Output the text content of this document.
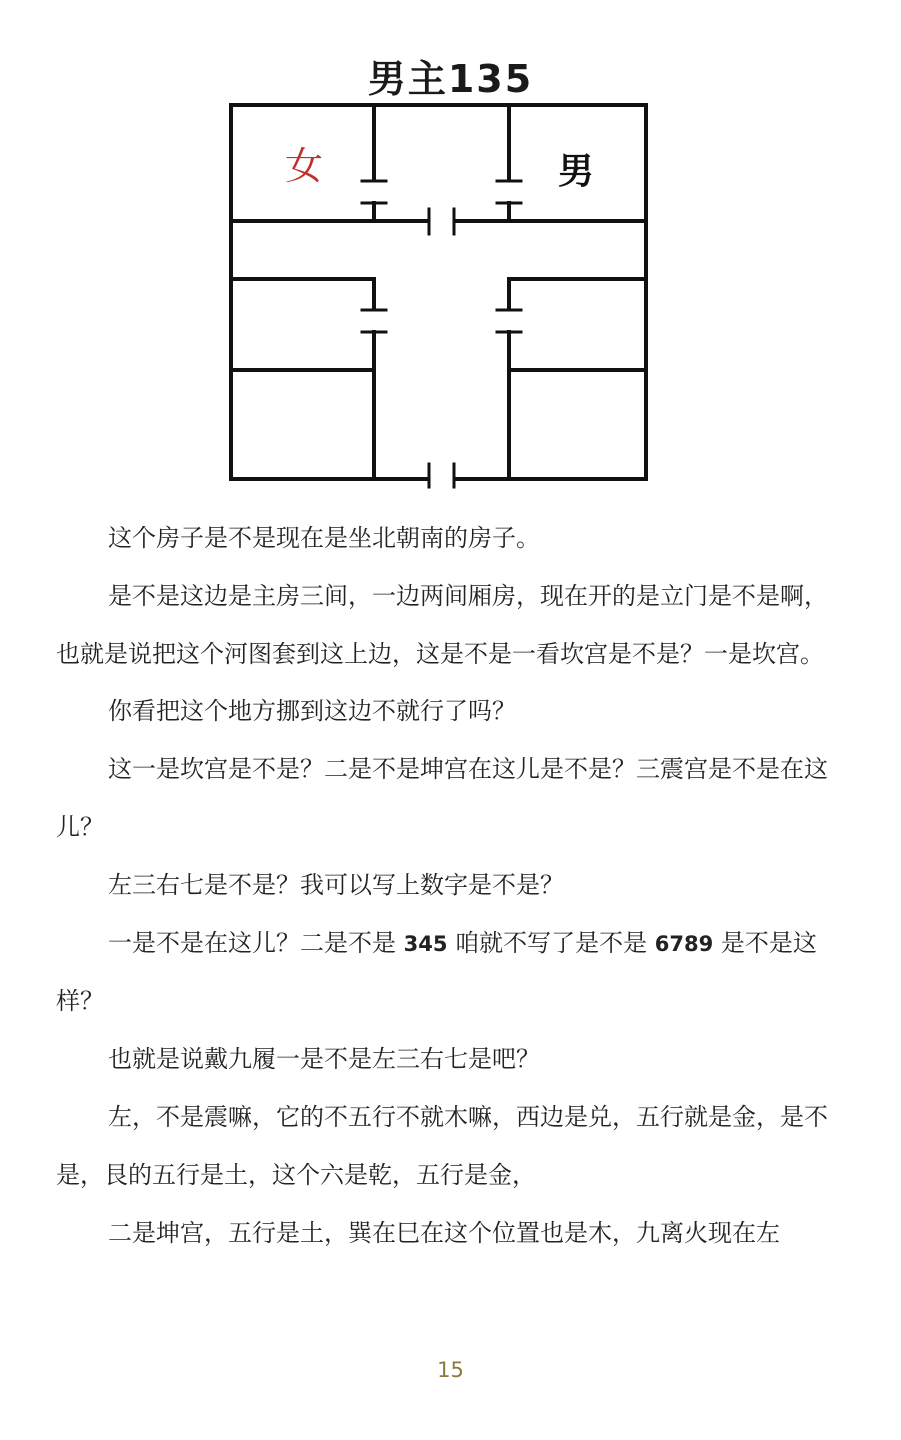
男主135
女	男

这个房子是不是现在是坐北朝南的房子。

是不是这边是主房三间，一边两间厢房，现在开的是立门是不是啊，也就是说把这个河图套到这上边，这是不是一看坎宫是不是？一是坎宫。

你看把这个地方挪到这边不就行了吗？

这一是坎宫是不是？二是不是坤宫在这儿是不是？三震宫是不是在这儿？

左三右七是不是？我可以写上数字是不是？

一是不是在这儿？二是不是 345 咱就不写了是不是 6789 是不是这样？

也就是说戴九履一是不是左三右七是吧？

左，不是震嘛，它的不五行不就木嘛，西边是兑，五行就是金，是不是，艮的五行是土，这个六是乾，五行是金，

二是坤宫，五行是土，巽在巳在这个位置也是木，九离火现在左

15
